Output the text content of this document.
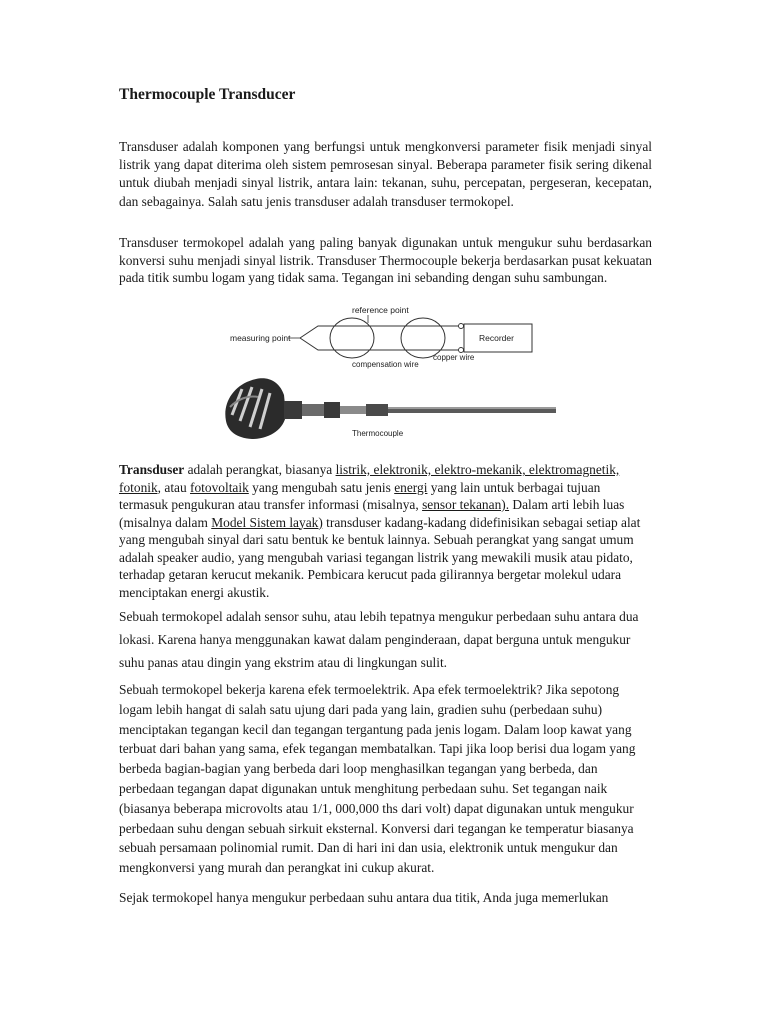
Thermocouple Transducer

Transduser adalah komponen yang berfungsi untuk mengkonversi parameter fisik menjadi sinyal listrik yang dapat diterima oleh sistem pemrosesan sinyal. Beberapa parameter fisik sering dikenal untuk diubah menjadi sinyal listrik, antara lain: tekanan, suhu, percepatan, pergeseran, kecepatan, dan sebagainya. Salah satu jenis transduser adalah transduser termokopel.

Transduser termokopel adalah yang paling banyak digunakan untuk mengukur suhu berdasarkan konversi suhu menjadi sinyal listrik. Transduser Thermocouple bekerja berdasarkan pusat kekuatan pada titik sumbu logam yang tidak sama. Tegangan ini sebanding dengan suhu sambungan.

reference point
measuring point	Recorder
compensation wire
copper wire
Thermocouple

Transduser adalah perangkat, biasanya listrik, elektronik, elektro-mekanik, elektromagnetik, fotonik, atau fotovoltaik yang mengubah satu jenis energi yang lain untuk berbagai tujuan termasuk pengukuran atau transfer informasi (misalnya, sensor tekanan). Dalam arti lebih luas (misalnya dalam Model Sistem layak) transduser kadang-kadang didefinisikan sebagai setiap alat yang mengubah sinyal dari satu bentuk ke bentuk lainnya. Sebuah perangkat yang sangat umum adalah speaker audio, yang mengubah variasi tegangan listrik yang mewakili musik atau pidato, terhadap getaran kerucut mekanik. Pembicara kerucut pada gilirannya bergetar molekul udara menciptakan energi akustik.

Sebuah termokopel adalah sensor suhu, atau lebih tepatnya mengukur perbedaan suhu antara dua lokasi. Karena hanya menggunakan kawat dalam penginderaan, dapat berguna untuk mengukur suhu panas atau dingin yang ekstrim atau di lingkungan sulit.

Sebuah termokopel bekerja karena efek termoelektrik. Apa efek termoelektrik? Jika sepotong logam lebih hangat di salah satu ujung dari pada yang lain, gradien suhu (perbedaan suhu) menciptakan tegangan kecil dan tegangan tergantung pada jenis logam. Dalam loop kawat yang terbuat dari bahan yang sama, efek tegangan membatalkan. Tapi jika loop berisi dua logam yang berbeda bagian-bagian yang berbeda dari loop menghasilkan tegangan yang berbeda, dan perbedaan tegangan dapat digunakan untuk menghitung perbedaan suhu. Set tegangan naik (biasanya beberapa microvolts atau 1/1, 000,000 ths dari volt) dapat digunakan untuk mengukur perbedaan suhu dengan sebuah sirkuit eksternal. Konversi dari tegangan ke temperatur biasanya sebuah persamaan polinomial rumit. Dan di hari ini dan usia, elektronik untuk mengukur dan mengkonversi yang murah dan perangkat ini cukup akurat.

Sejak termokopel hanya mengukur perbedaan suhu antara dua titik, Anda juga memerlukan
